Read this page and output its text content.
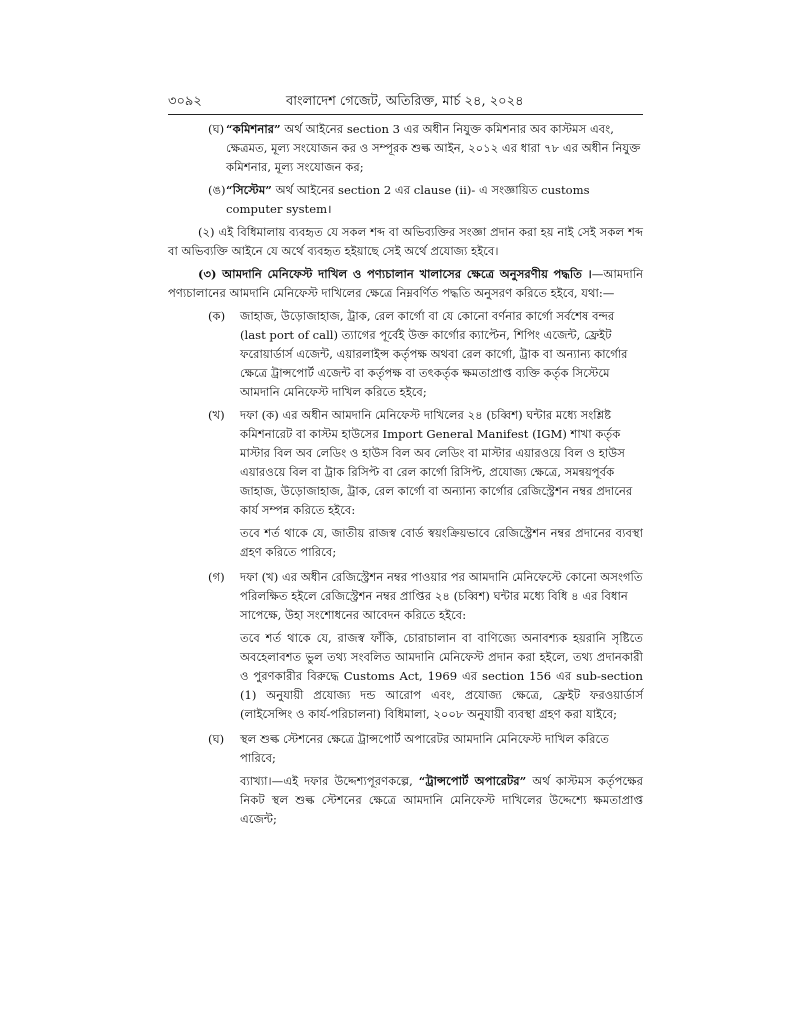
৩০৯২	বাংলাদেশ গেজেট, অতিরিক্ত, মার্চ ২৪, ২০২৪
(ঘ) “কমিশনার” অর্থ আইনের section 3 এর অধীন নিযুক্ত কমিশনার অব কাস্টমস এবং, ক্ষেত্রমত, মূল্য সংযোজন কর ও সম্পূরক শুল্ক আইন, ২০১২ এর ধারা ৭৮ এর অধীন নিযুক্ত কমিশনার, মূল্য সংযোজন কর;

(ঙ) “সিস্টেম” অর্থ আইনের section 2 এর clause (ii)- এ সংজ্ঞায়িত customs computer system।

(২) এই বিধিমালায় ব্যবহৃত যে সকল শব্দ বা অভিব্যক্তির সংজ্ঞা প্রদান করা হয় নাই সেই সকল শব্দ বা অভিব্যক্তি আইনে যে অর্থে ব্যবহৃত হইয়াছে সেই অর্থে প্রযোজ্য হইবে।

(৩) আমদানি মেনিফেস্ট দাখিল ও পণ্যচালান খালাসের ক্ষেত্রে অনুসরণীয় পদ্ধতি ।—আমদানি পণ্যচালানের আমদানি মেনিফেস্ট দাখিলের ক্ষেত্রে নিম্নবর্ণিত পদ্ধতি অনুসরণ করিতে হইবে, যথা:—

(ক) জাহাজ, উড়োজাহাজ, ট্রাক, রেল কার্গো বা যে কোনো বর্ণনার কার্গো সর্বশেষ বন্দর (last port of call) ত্যাগের পূর্বেই উক্ত কার্গোর ক্যাপ্টেন, শিপিং এজেন্ট, ফ্রেইট ফরোয়ার্ডার্স এজেন্ট, এয়ারলাইন্স কর্তৃপক্ষ অথবা রেল কার্গো, ট্রাক বা অন্যান্য কার্গোর ক্ষেত্রে ট্রান্সপোর্ট এজেন্ট বা কর্তৃপক্ষ বা তৎকর্তৃক ক্ষমতাপ্রাপ্ত ব্যক্তি কর্তৃক সিস্টেমে আমদানি মেনিফেস্ট দাখিল করিতে হইবে;

(খ) দফা (ক) এর অধীন আমদানি মেনিফেস্ট দাখিলের ২৪ (চব্বিশ) ঘন্টার মধ্যে সংশ্লিষ্ট কমিশনারেট বা কাস্টম হাউসের Import General Manifest (IGM) শাখা কর্তৃক মাস্টার বিল অব লেডিং ও হাউস বিল অব লেডিং বা মাস্টার এয়ারওয়ে বিল ও হাউস এয়ারওয়ে বিল বা ট্রাক রিসিপ্ট বা রেল কার্গো রিসিপ্ট, প্রযোজ্য ক্ষেত্রে, সমন্বয়পূর্বক জাহাজ, উড়োজাহাজ, ট্রাক, রেল কার্গো বা অন্যান্য কার্গোর রেজিস্ট্রেশন নম্বর প্রদানের কার্য সম্পন্ন করিতে হইবে:

তবে শর্ত থাকে যে, জাতীয় রাজস্ব বোর্ড স্বয়ংক্রিয়ভাবে রেজিস্ট্রেশন নম্বর প্রদানের ব্যবস্থা গ্রহণ করিতে পারিবে;

(গ) দফা (খ) এর অধীন রেজিস্ট্রেশন নম্বর পাওয়ার পর আমদানি মেনিফেস্টে কোনো অসংগতি পরিলক্ষিত হইলে রেজিস্ট্রেশন নম্বর প্রাপ্তির ২৪ (চব্বিশ) ঘন্টার মধ্যে বিধি ৪ এর বিধান সাপেক্ষে, উহা সংশোধনের আবেদন করিতে হইবে:

তবে শর্ত থাকে যে, রাজস্ব ফাঁকি, চোরাচালান বা বাণিজ্যে অনাবশ্যক হয়রানি সৃষ্টিতে অবহেলাবশত ভুল তথ্য সংবলিত আমদানি মেনিফেস্ট প্রদান করা হইলে, তথ্য প্রদানকারী ও পুরণকারীর বিরুদ্ধে Customs Act, 1969 এর section 156 এর sub-section (1) অনুযায়ী প্রযোজ্য দন্ড আরোপ এবং, প্রযোজ্য ক্ষেত্রে, ফ্রেইট ফরওয়ার্ডার্স (লাইসেন্সিং ও কার্য-পরিচালনা) বিধিমালা, ২০০৮ অনুযায়ী ব্যবস্থা গ্রহণ করা যাইবে;

(ঘ) স্থল শুল্ক স্টেশনের ক্ষেত্রে ট্রান্সপোর্ট অপারেটর আমদানি মেনিফেস্ট দাখিল করিতে পারিবে;

ব্যাখ্যা।—এই দফার উদ্দেশ্যপূরণকল্পে, “ট্রান্সপোর্ট অপারেটর” অর্থ কাস্টমস কর্তৃপক্ষের নিকট স্থল শুল্ক স্টেশনের ক্ষেত্রে আমদানি মেনিফেস্ট দাখিলের উদ্দেশ্যে ক্ষমতাপ্রাপ্ত এজেন্ট;
